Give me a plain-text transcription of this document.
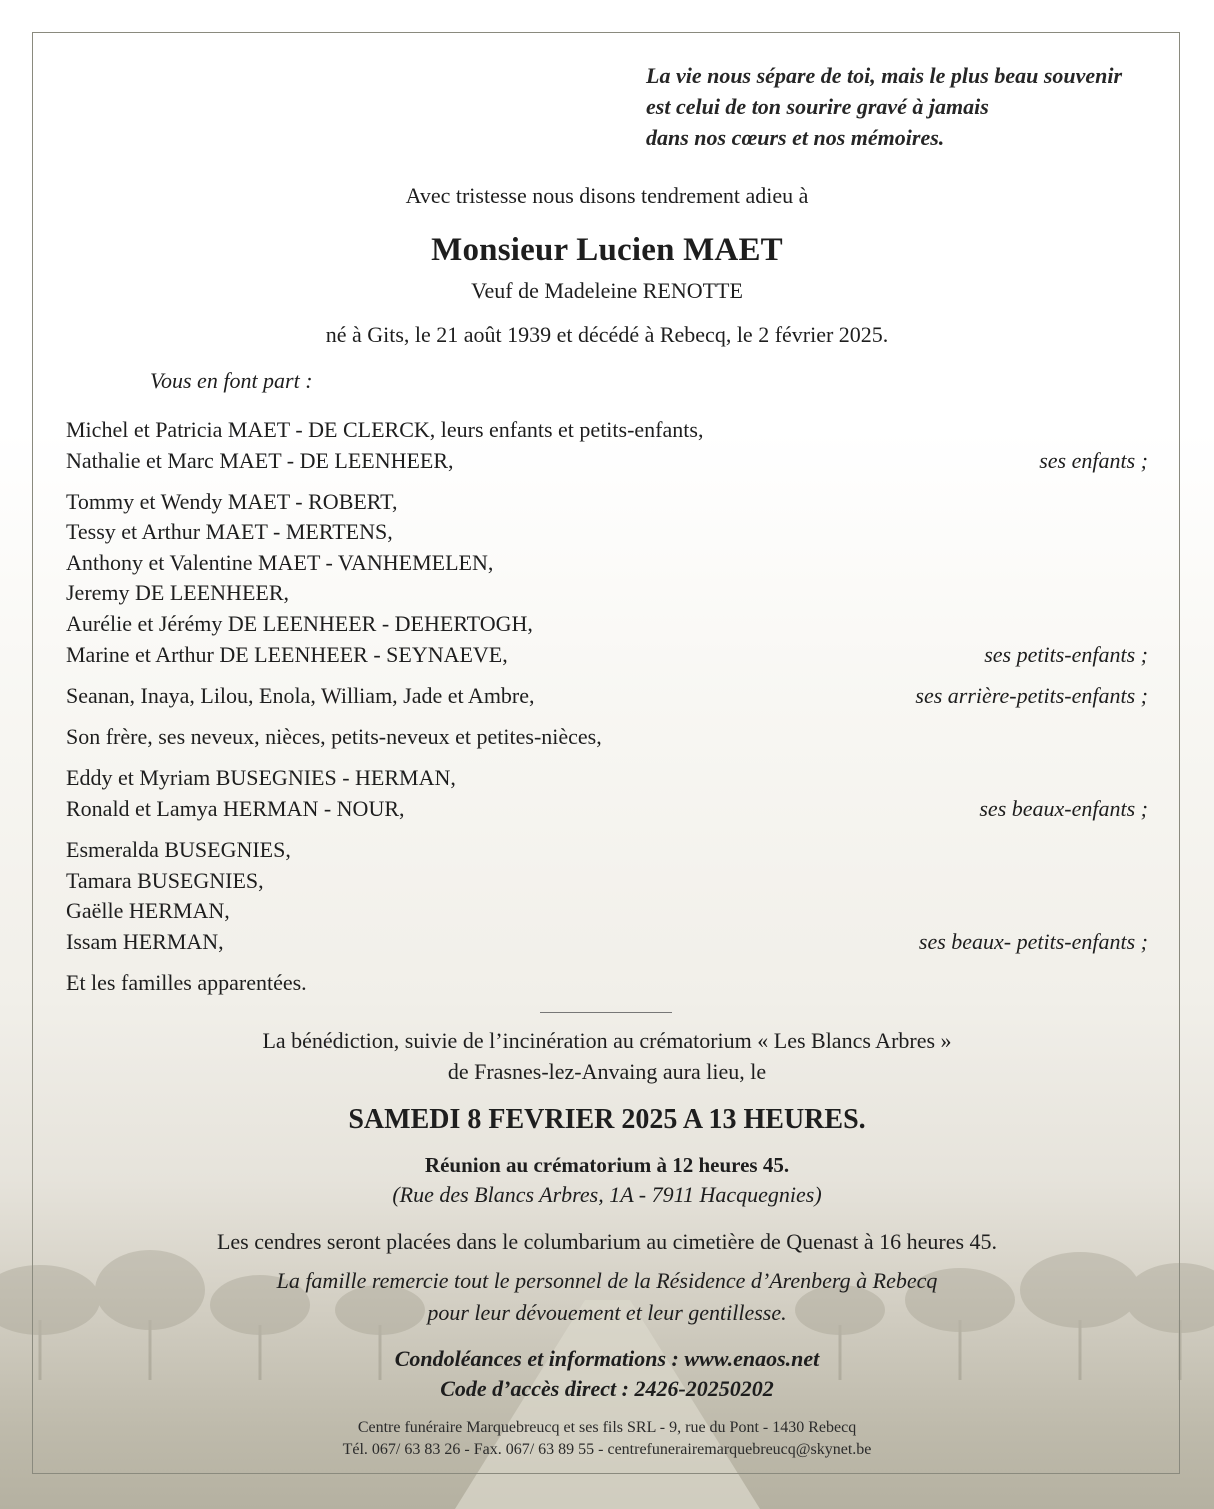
La vie nous sépare de toi, mais le plus beau souvenir
est celui de ton sourire gravé à jamais
dans nos cœurs et nos mémoires.
Avec tristesse nous disons tendrement adieu à
Monsieur Lucien MAET
Veuf de Madeleine RENOTTE
né à Gits, le 21 août 1939 et décédé à Rebecq, le 2 février 2025.
Vous en font part :
Michel et Patricia MAET - DE CLERCK, leurs enfants et petits-enfants,
Nathalie et Marc MAET - DE LEENHEER,	ses enfants ;
Tommy et Wendy MAET - ROBERT,
Tessy et Arthur MAET - MERTENS,
Anthony et Valentine MAET - VANHEMELEN,
Jeremy DE LEENHEER,
Aurélie et Jérémy DE LEENHEER - DEHERTOGH,
Marine et Arthur DE LEENHEER - SEYNAEVE,	ses petits-enfants ;
Seanan, Inaya, Lilou, Enola, William, Jade et Ambre,	ses arrière-petits-enfants ;
Son frère, ses neveux, nièces, petits-neveux et petites-nièces,
Eddy et Myriam BUSEGNIES - HERMAN,
Ronald et Lamya HERMAN - NOUR,	ses beaux-enfants ;
Esmeralda BUSEGNIES,
Tamara BUSEGNIES,
Gaëlle HERMAN,
Issam HERMAN,	ses beaux- petits-enfants ;
Et les familles apparentées.
La bénédiction, suivie de l’incinération au crématorium « Les Blancs Arbres »
de Frasnes-lez-Anvaing aura lieu, le
SAMEDI 8 FEVRIER 2025 A 13 HEURES.
Réunion au crématorium à 12 heures 45.
(Rue des Blancs Arbres, 1A - 7911 Hacquegnies)
Les cendres seront placées dans le columbarium au cimetière de Quenast à 16 heures 45.
La famille remercie tout le personnel de la Résidence d’Arenberg à Rebecq
pour leur dévouement et leur gentillesse.
Condoléances et informations : www.enaos.net
Code d’accès direct : 2426-20250202
Centre funéraire Marquebreucq et ses fils SRL - 9, rue du Pont - 1430 Rebecq
Tél. 067/ 63 83 26 - Fax. 067/ 63 89 55 - centrefunerairemarquebreucq@skynet.be
